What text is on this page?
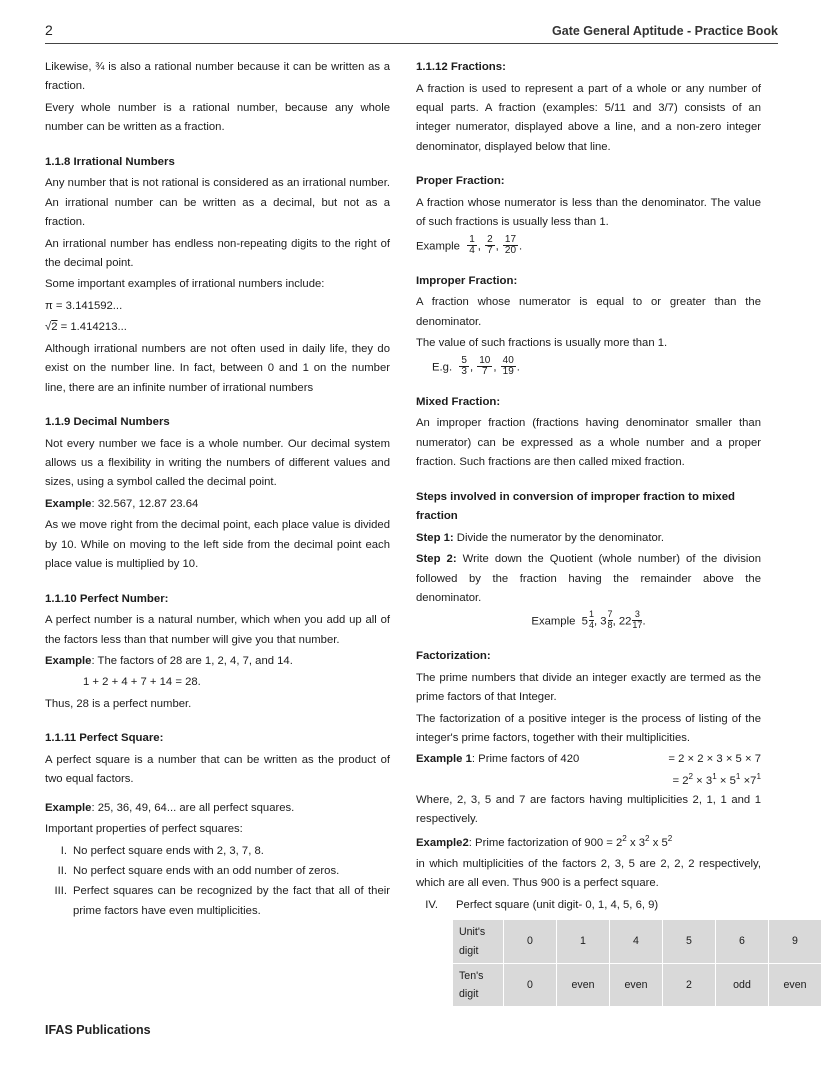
2	Gate General Aptitude - Practice Book

Likewise, ¾ is also a rational number because it can be written as a fraction.

Every whole number is a rational number, because any whole number can be written as a fraction.

1.1.8 Irrational Numbers

Any number that is not rational is considered as an irrational number. An irrational number can be written as a decimal, but not as a fraction.

An irrational number has endless non-repeating digits to the right of the decimal point.

Some important examples of irrational numbers include:

π = 3.141592...

√2 = 1.414213...

Although irrational numbers are not often used in daily life, they do exist on the number line. In fact, between 0 and 1 on the number line, there are an infinite number of irrational numbers

1.1.9 Decimal Numbers

Not every number we face is a whole number. Our decimal system allows us a flexibility in writing the numbers of different values and sizes, using a symbol called the decimal point.

Example: 32.567, 12.87 23.64

As we move right from the decimal point, each place value is divided by 10. While on moving to the left side from the decimal point each place value is multiplied by 10.

1.1.10 Perfect Number:

A perfect number is a natural number, which when you add up all of the factors less than that number will give you that number.

Example: The factors of 28 are 1, 2, 4, 7, and 14.

1 + 2 + 4 + 7 + 14 = 28.

Thus, 28 is a perfect number.

1.1.11 Perfect Square:

A perfect square is a number that can be written as the product of two equal factors.

Example: 25, 36, 49, 64... are all perfect squares.

Important properties of perfect squares:

I. No perfect square ends with 2, 3, 7, 8.
II. No perfect square ends with an odd number of zeros.
III. Perfect squares can be recognized by the fact that all of their prime factors have even multiplicities.
1.1.12 Fractions:

A fraction is used to represent a part of a whole or any number of equal parts. A fraction (examples: 5/11 and 3/7) consists of an integer numerator, displayed above a line, and a non-zero integer denominator, displayed below that line.

Proper Fraction:

A fraction whose numerator is less than the denominator. The value of such fractions is usually less than 1.

Example $\frac{1}{4}$ , $\frac{2}{7}$ , $\frac{17}{20}$ .

Improper Fraction:

A fraction whose numerator is equal to or greater than the denominator.

The value of such fractions is usually more than 1.

E.g. $\frac{5}{3}$ , $\frac{10}{7}$ , $\frac{40}{19}$ .

Mixed Fraction:

An improper fraction (fractions having denominator smaller than numerator) can be expressed as a whole number and a proper fraction. Such fractions are then called mixed fraction.

Steps involved in conversion of improper fraction to mixed fraction

Step 1: Divide the numerator by the denominator.

Step 2: Write down the Quotient (whole number) of the division followed by the fraction having the remainder above the denominator.

Example $5 \frac{1}{4}$ , $3 \frac{7}{8}$ , $22 \frac{3}{17}$ .

Factorization:

The prime numbers that divide an integer exactly are termed as the prime factors of that Integer.

The factorization of a positive integer is the process of listing of the integer's prime factors, together with their multiplicities.

Example 1: Prime factors of 420	= 2 × 2 × 3 × 5 × 7
= $2^2 \times 3^1 \times 5^1 \times 7^1$

Where, 2, 3, 5 and 7 are factors having multiplicities 2, 1, 1 and 1 respectively.

Example2: Prime factorization of $900 = 2^2$ x $3^2$ x $5^2$

in which multiplicities of the factors 2, 3, 5 are 2, 2, 2 respectively, which are all even. Thus 900 is a perfect square.

IV.	Perfect square (unit digit- 0, 1, 4, 5, 6, 9)
Unit's digit	0	1	4	5	6	9
Ten's digit	0	even	even	2	odd	even
IFAS Publications
